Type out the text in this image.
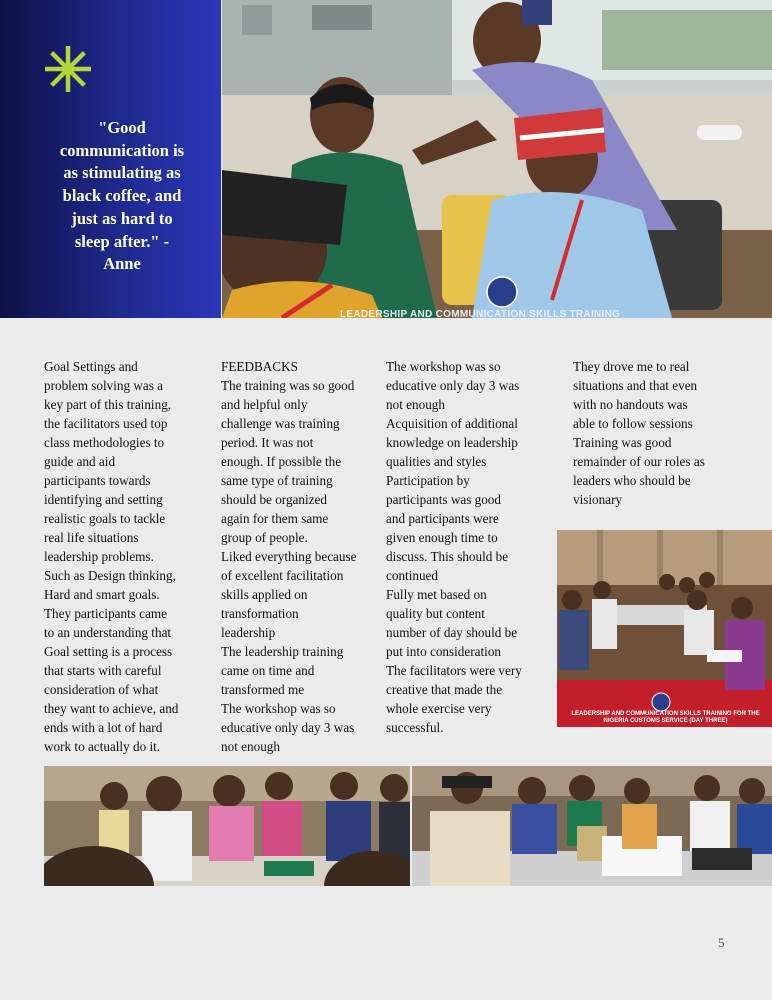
"Good
communication is
as stimulating as
black coffee, and
just as hard to
sleep after." -
Anne
LEADERSHIP AND COMMUNICATION SKILLS TRAINING
Goal Settings and
problem solving was a
key part of this training,
the facilitators used top
class methodologies to
guide and aid
participants towards
identifying and setting
realistic goals to tackle
real life situations
leadership problems.
Such as Design thinking,
Hard and smart goals.
They participants came
to an understanding that
Goal setting is a process
that starts with careful
consideration of what
they want to achieve, and
ends with a lot of hard
work to actually do it.
FEEDBACKS
The training was so good
and helpful only
challenge was training
period. It was not
enough. If possible the
same type of training
should be organized
again for them same
group of people.
Liked everything because
of excellent facilitation
skills applied on
transformation
leadership
The leadership training
came on time and
transformed me
The workshop was so
educative only day 3 was
not enough
The workshop was so
educative only day 3 was
not enough
Acquisition of additional
knowledge on leadership
qualities and styles
Participation by
participants was good
and participants were
given enough time to
discuss. This should be
continued
Fully met based on
quality but content
number of day should be
put into consideration
The facilitators were very
creative that made the
whole exercise very
successful.
They drove me to real
situations and that even
with no handouts was
able to follow sessions
Training was good
remainder of our roles as
leaders who should be
visionary
LEADERSHIP AND COMMUNICATION SKILLS TRAINING FOR THE NIGERIA CUSTOMS SERVICE (DAY THREE)
5
